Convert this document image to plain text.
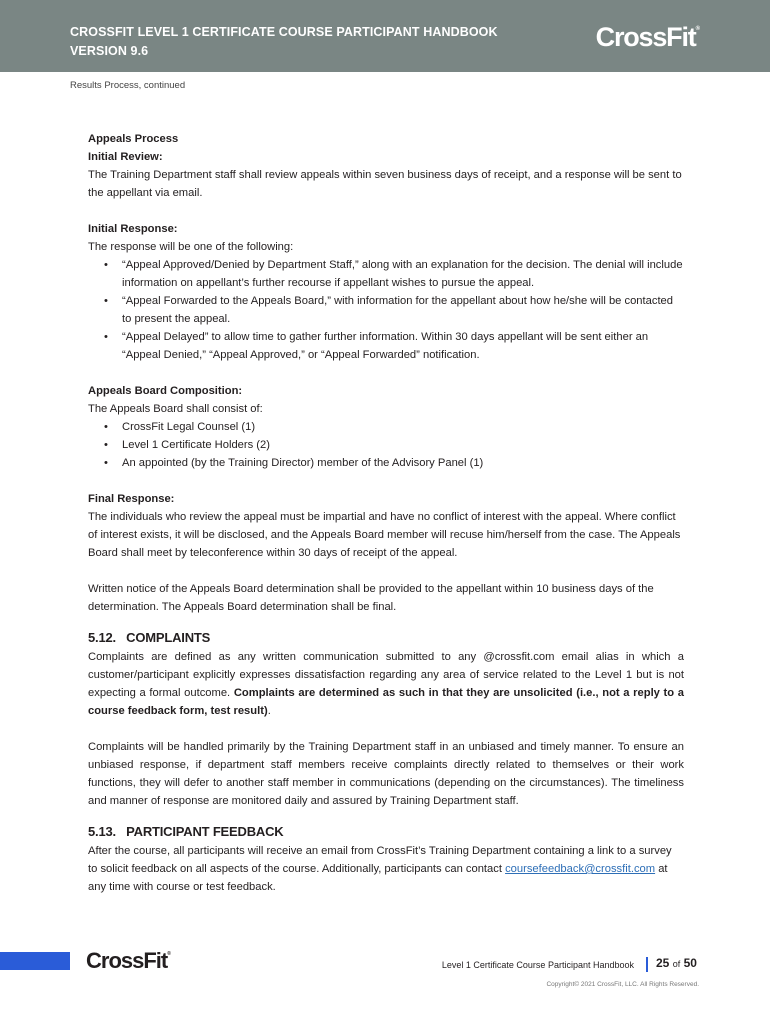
CROSSFIT LEVEL 1 CERTIFICATE COURSE PARTICIPANT HANDBOOK
VERSION 9.6	CrossFit®
Results Process, continued

Appeals Process

Initial Review:

The Training Department staff shall review appeals within seven business days of receipt, and a response will be sent to the appellant via email.

Initial Response:

The response will be one of the following:

• “Appeal Approved/Denied by Department Staff,” along with an explanation for the decision. The denial will include information on appellant’s further recourse if appellant wishes to pursue the appeal.
• “Appeal Forwarded to the Appeals Board,” with information for the appellant about how he/she will be contacted to present the appeal.
• “Appeal Delayed” to allow time to gather further information. Within 30 days appellant will be sent either an “Appeal Denied,” “Appeal Approved,” or “Appeal Forwarded” notification.

Appeals Board Composition:

The Appeals Board shall consist of:

• CrossFit Legal Counsel (1)
• Level 1 Certificate Holders (2)
• An appointed (by the Training Director) member of the Advisory Panel (1)

Final Response:

The individuals who review the appeal must be impartial and have no conflict of interest with the appeal. Where conflict of interest exists, it will be disclosed, and the Appeals Board member will recuse him/herself from the case. The Appeals Board shall meet by teleconference within 30 days of receipt of the appeal.

Written notice of the Appeals Board determination shall be provided to the appellant within 10 business days of the determination. The Appeals Board determination shall be final.

5.12.   COMPLAINTS

Complaints are defined as any written communication submitted to any @crossfit.com email alias in which a customer/participant explicitly expresses dissatisfaction regarding any area of service related to the Level 1 but is not expecting a formal outcome. Complaints are determined as such in that they are unsolicited (i.e., not a reply to a course feedback form, test result).

Complaints will be handled primarily by the Training Department staff in an unbiased and timely manner. To ensure an unbiased response, if department staff members receive complaints directly related to themselves or their work functions, they will defer to another staff member in communications (depending on the circumstances). The timeliness and manner of response are monitored daily and assured by Training Department staff.

5.13.   PARTICIPANT FEEDBACK

After the course, all participants will receive an email from CrossFit’s Training Department containing a link to a survey to solicit feedback on all aspects of the course. Additionally, participants can contact coursefeedback@crossfit.com at any time with course or test feedback.

CrossFit®
Level 1 Certificate Course Participant Handbook 25 of 50
Copyright© 2021 CrossFit, LLC. All Rights Reserved.
